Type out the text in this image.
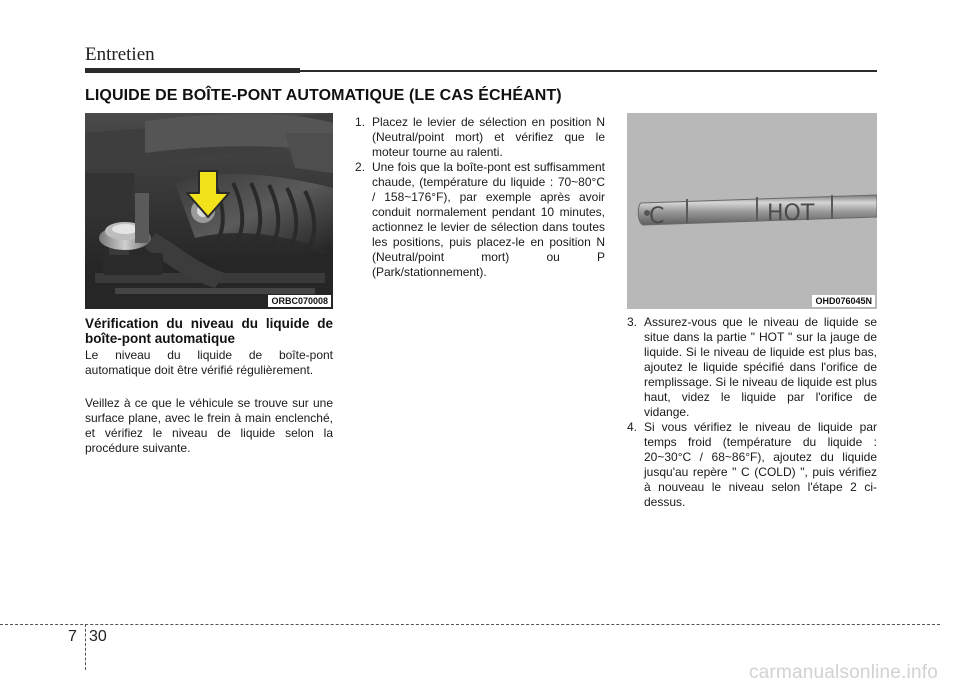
Entretien
LIQUIDE DE BOÎTE-PONT AUTOMATIQUE (LE CAS ÉCHÉANT)
ORBC070008
C	HOT
OHD076045N
Vérification du niveau du liquide de boîte-pont automatique

Le niveau du liquide de boîte-pont automatique doit être vérifié régulièrement.

Veillez à ce que le véhicule se trouve sur une surface plane, avec le frein à main enclenché, et vérifiez le niveau de liquide selon la procédure suivante.

1. Placez le levier de sélection en position N (Neutral/point mort) et vérifiez que le moteur tourne au ralenti.
2. Une fois que la boîte-pont est suffisamment chaude, (température du liquide : 70~80°C / 158~176°F), par exemple après avoir conduit normalement pendant 10 minutes, actionnez le levier de sélection dans toutes les positions, puis placez-le en position N (Neutral/point mort) ou P (Park/stationnement).
3. Assurez-vous que le niveau de liquide se situe dans la partie " HOT " sur la jauge de liquide. Si le niveau de liquide est plus bas, ajoutez le liquide spécifié dans l'orifice de remplissage. Si le niveau de liquide est plus haut, videz le liquide par l'orifice de vidange.
4. Si vous vérifiez le niveau de liquide par temps froid (température du liquide : 20~30°C / 68~86°F), ajoutez du liquide jusqu'au repère " C (COLD) ", puis vérifiez à nouveau le niveau selon l'étape 2 ci-dessus.
7 30
carmanualsonline.info
